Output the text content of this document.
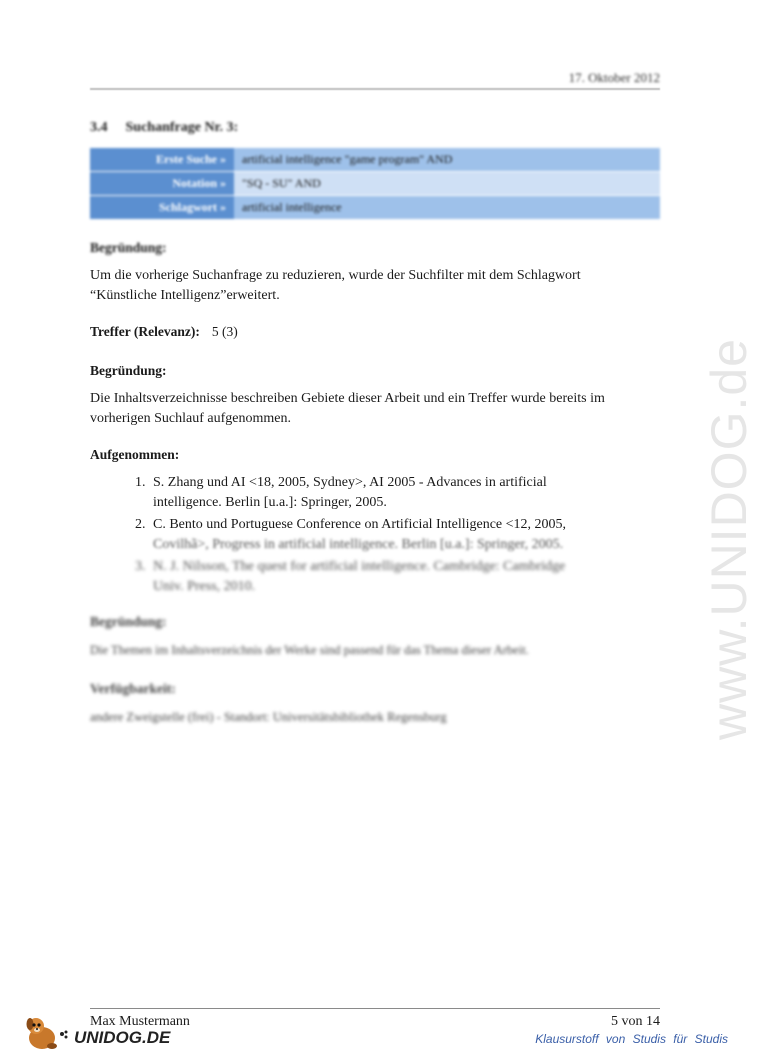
17. Oktober 2012
3.4 Suchanfrage Nr. 3:
Erste Suche »	artificial intelligence "game program" AND
Notation »	"SQ - SU" AND
Schlagwort »	artificial intelligence
Begründung:
Um die vorherige Suchanfrage zu reduzieren, wurde der Suchfilter mit dem Schlagwort
“Künstliche Intelligenz”erweitert.
Treffer (Relevanz): 5 (3)
Begründung:
Die Inhaltsverzeichnisse beschreiben Gebiete dieser Arbeit und ein Treffer wurde bereits im
vorherigen Suchlauf aufgenommen.
Aufgenommen:
1. S. Zhang und AI <18, 2005, Sydney>, AI 2005 - Advances in artificial
intelligence. Berlin [u.a.]: Springer, 2005.
2. C. Bento und Portuguese Conference on Artificial Intelligence <12, 2005,
Covilhã>, Progress in artificial intelligence. Berlin [u.a.]: Springer, 2005.
3. N. J. Nilsson, The quest for artificial intelligence. Cambridge: Cambridge
Univ. Press, 2010.
Begründung:
Die Themen im Inhaltsverzeichnis der Werke sind passend für das Thema dieser Arbeit.
Verfügbarkeit:
andere Zweigstelle (frei) - Standort: Universitätsbibliothek Regensburg	www.UNIDOG.de
Max Mustermann	5 von 14
UNIDOG.DE	Klausurstoff von Studis für Studis
